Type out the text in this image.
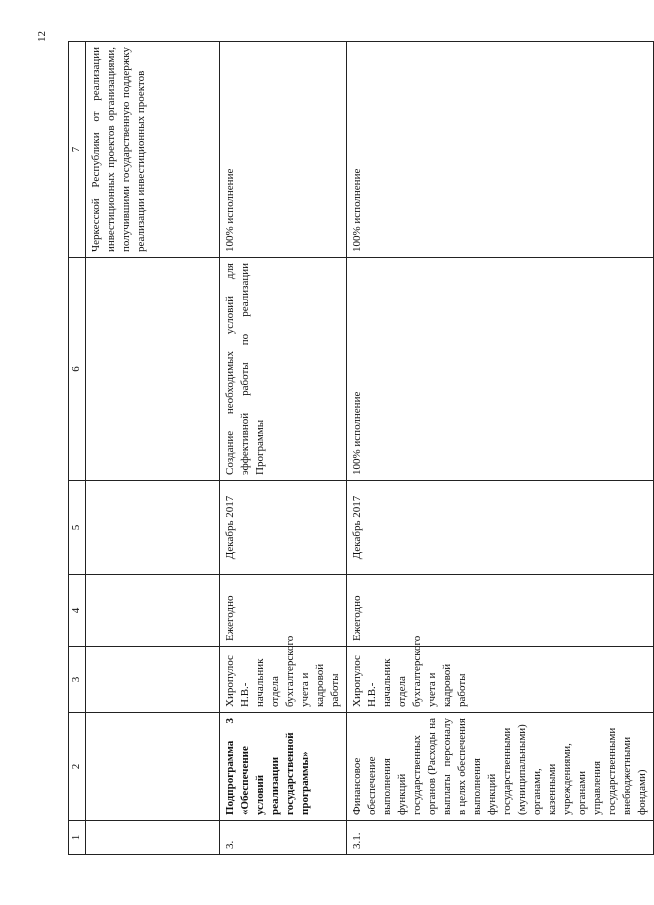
12
1	2	3	4	5	6	7
						Черкесской Республики от реализации инвестиционных проектов организациями, получившими государственную поддержку реализации инвестиционных проектов
3.	Подпрограмма 3 «Обеспечение условий реализации государственной программы»	Хиропулос Н.В.- начальник отдела бухгалтерского учета и кадровой работы	Ежегодно	Декабрь 2017	Создание необходимых условий для эффективной работы по реализации Программы	100% исполнение
3.1.	Финансовое обеспечение выполнения функций государственных органов (Расходы на выплаты персоналу в целях обеспечения выполнения функций государственными (муниципальными) органами, казенными учреждениями, органами управления государственными внебюджетными фондами)	Хиропулос Н.В.- начальник отдела бухгалтерского учета и кадровой работы	Ежегодно	Декабрь 2017	100% исполнение	100% исполнение
